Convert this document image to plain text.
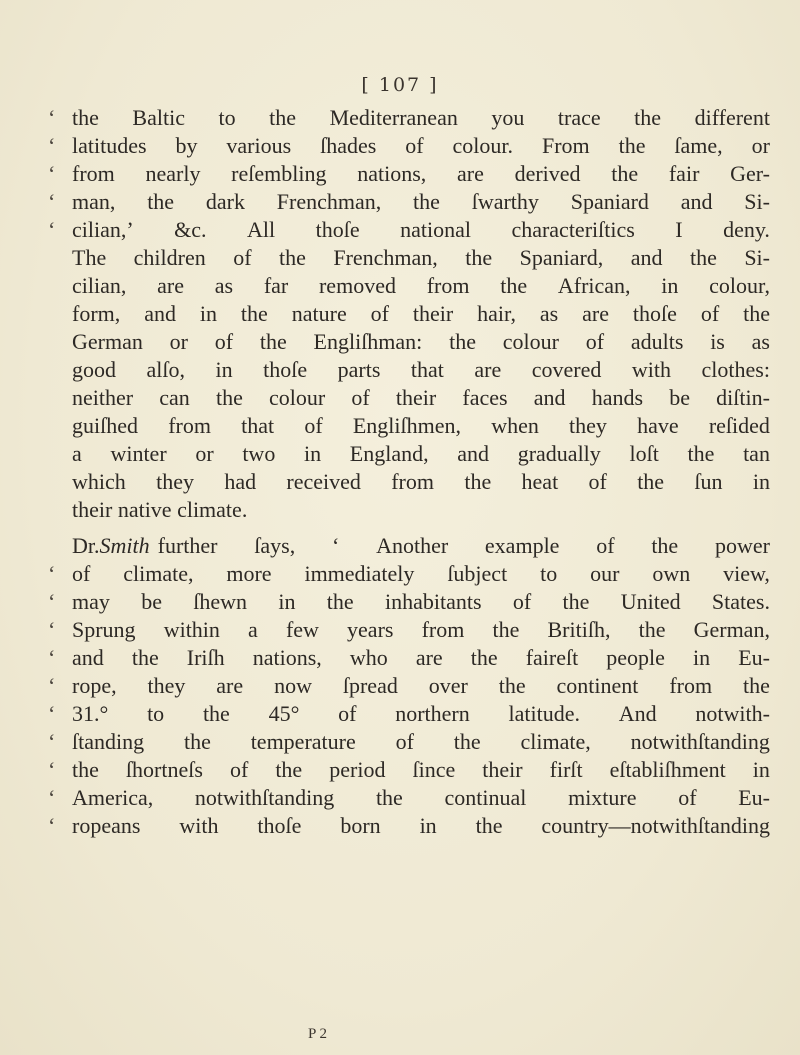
[ 107 ]
‘ the Baltic to the Mediterranean you trace the different
‘ latitudes by various ſhades of colour. From the ſame, or
‘ from nearly reſembling nations, are derived the fair Ger-
‘ man, the dark Frenchman, the ſwarthy Spaniard and Si-
‘ cilian,’ &c. All thoſe national characteriſtics I deny.
The children of the Frenchman, the Spaniard, and the Si-
cilian, are as far removed from the African, in colour,
form, and in the nature of their hair, as are thoſe of the
German or of the Engliſhman: the colour of adults is as
good alſo, in thoſe parts that are covered with clothes:
neither can the colour of their faces and hands be diſtin-
guiſhed from that of Engliſhmen, when they have reſided
a winter or two in England, and gradually loſt the tan
which they had received from the heat of the ſun in
their native climate.
Dr. Smith further ſays, ‘ Another example of the power
‘ of climate, more immediately ſubject to our own view,
‘ may be ſhewn in the inhabitants of the United States.
‘ Sprung within a few years from the Britiſh, the German,
‘ and the Iriſh nations, who are the faireſt people in Eu-
‘ rope, they are now ſpread over the continent from the
‘ 31.° to the 45° of northern latitude. And notwith-
‘ ſtanding the temperature of the climate, notwithſtanding
‘ the ſhortneſs of the period ſince their firſt eſtabliſhment in
‘ America, notwithſtanding the continual mixture of Eu-
‘ ropeans with thoſe born in the country—notwithſtanding
P 2
